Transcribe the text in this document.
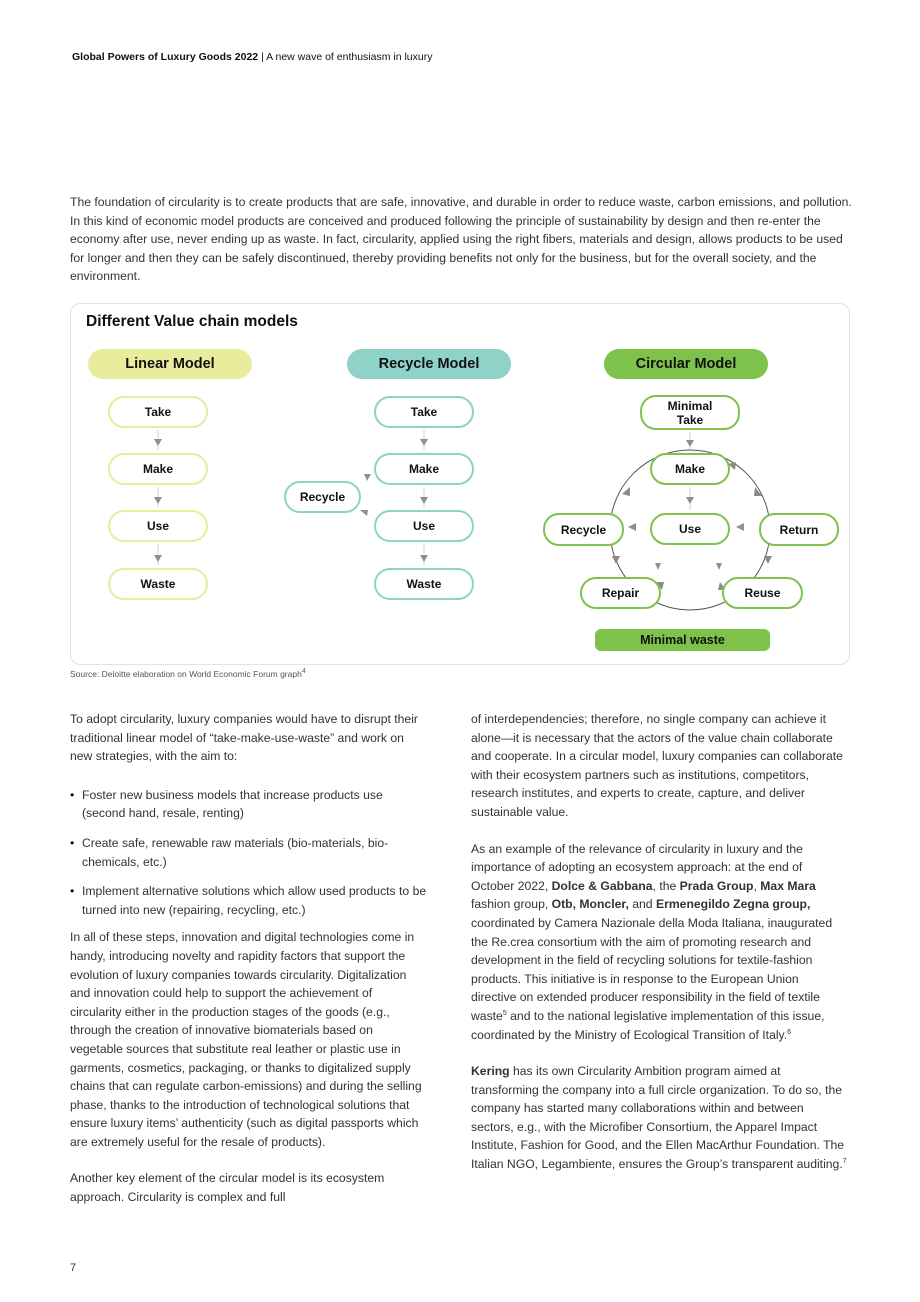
Global Powers of Luxury Goods 2022 | A new wave of enthusiasm in luxury

The foundation of circularity is to create products that are safe, innovative, and durable in order to reduce waste, carbon emissions, and pollution. In this kind of economic model products are conceived and produced following the principle of sustainability by design and then re-enter the economy after use, never ending up as waste. In fact, circularity, applied using the right fibers, materials and design, allows products to be used for longer and then they can be safely discontinued, thereby providing benefits not only for the business, but for the overall society, and the environment.

Different Value chain models
Linear Model
Take
Make
Use
Waste
Recycle Model
Take
Make
Use
Waste
Recycle
Circular Model
Minimal Take
Make
Use
Recycle	Return
Repair	Reuse
Minimal waste
Source: Deloitte elaboration on World Economic Forum graph$^4$

To adopt circularity, luxury companies would have to disrupt their traditional linear model of “take-make-use-waste” and work on new strategies, with the aim to:

• Foster new business models that increase products use (second hand, resale, renting)
• Create safe, renewable raw materials (bio-materials, bio-chemicals, etc.)
• Implement alternative solutions which allow used products to be turned into new (repairing, recycling, etc.)

In all of these steps, innovation and digital technologies come in handy, introducing novelty and rapidity factors that support the evolution of luxury companies towards circularity. Digitalization and innovation could help to support the achievement of circularity either in the production stages of the goods (e.g., through the creation of innovative biomaterials based on vegetable sources that substitute real leather or plastic use in garments, cosmetics, packaging, or thanks to digitalized supply chains that can regulate carbon-emissions) and during the selling phase, thanks to the introduction of technological solutions that ensure luxury items’ authenticity (such as digital passports which are extremely useful for the resale of products).

Another key element of the circular model is its ecosystem approach. Circularity is complex and full

of interdependencies; therefore, no single company can achieve it alone—it is necessary that the actors of the value chain collaborate and cooperate. In a circular model, luxury companies can collaborate with their ecosystem partners such as institutions, competitors, research institutes, and experts to create, capture, and deliver sustainable value.

As an example of the relevance of circularity in luxury and the importance of adopting an ecosystem approach: at the end of October 2022, Dolce & Gabbana, the Prada Group, Max Mara fashion group, Otb, Moncler, and Ermenegildo Zegna group, coordinated by Camera Nazionale della Moda Italiana, inaugurated the Re.crea consortium with the aim of promoting research and development in the field of recycling solutions for textile-fashion products. This initiative is in response to the European Union directive on extended producer responsibility in the field of textile waste$^5$ and to the national legislative implementation of this issue, coordinated by the Ministry of Ecological Transition of Italy.$^6$

Kering has its own Circularity Ambition program aimed at transforming the company into a full circle organization. To do so, the company has started many collaborations within and between sectors, e.g., with the Microfiber Consortium, the Apparel Impact Institute, Fashion for Good, and the Ellen MacArthur Foundation. The Italian NGO, Legambiente, ensures the Group’s transparent auditing.$^7$

7
